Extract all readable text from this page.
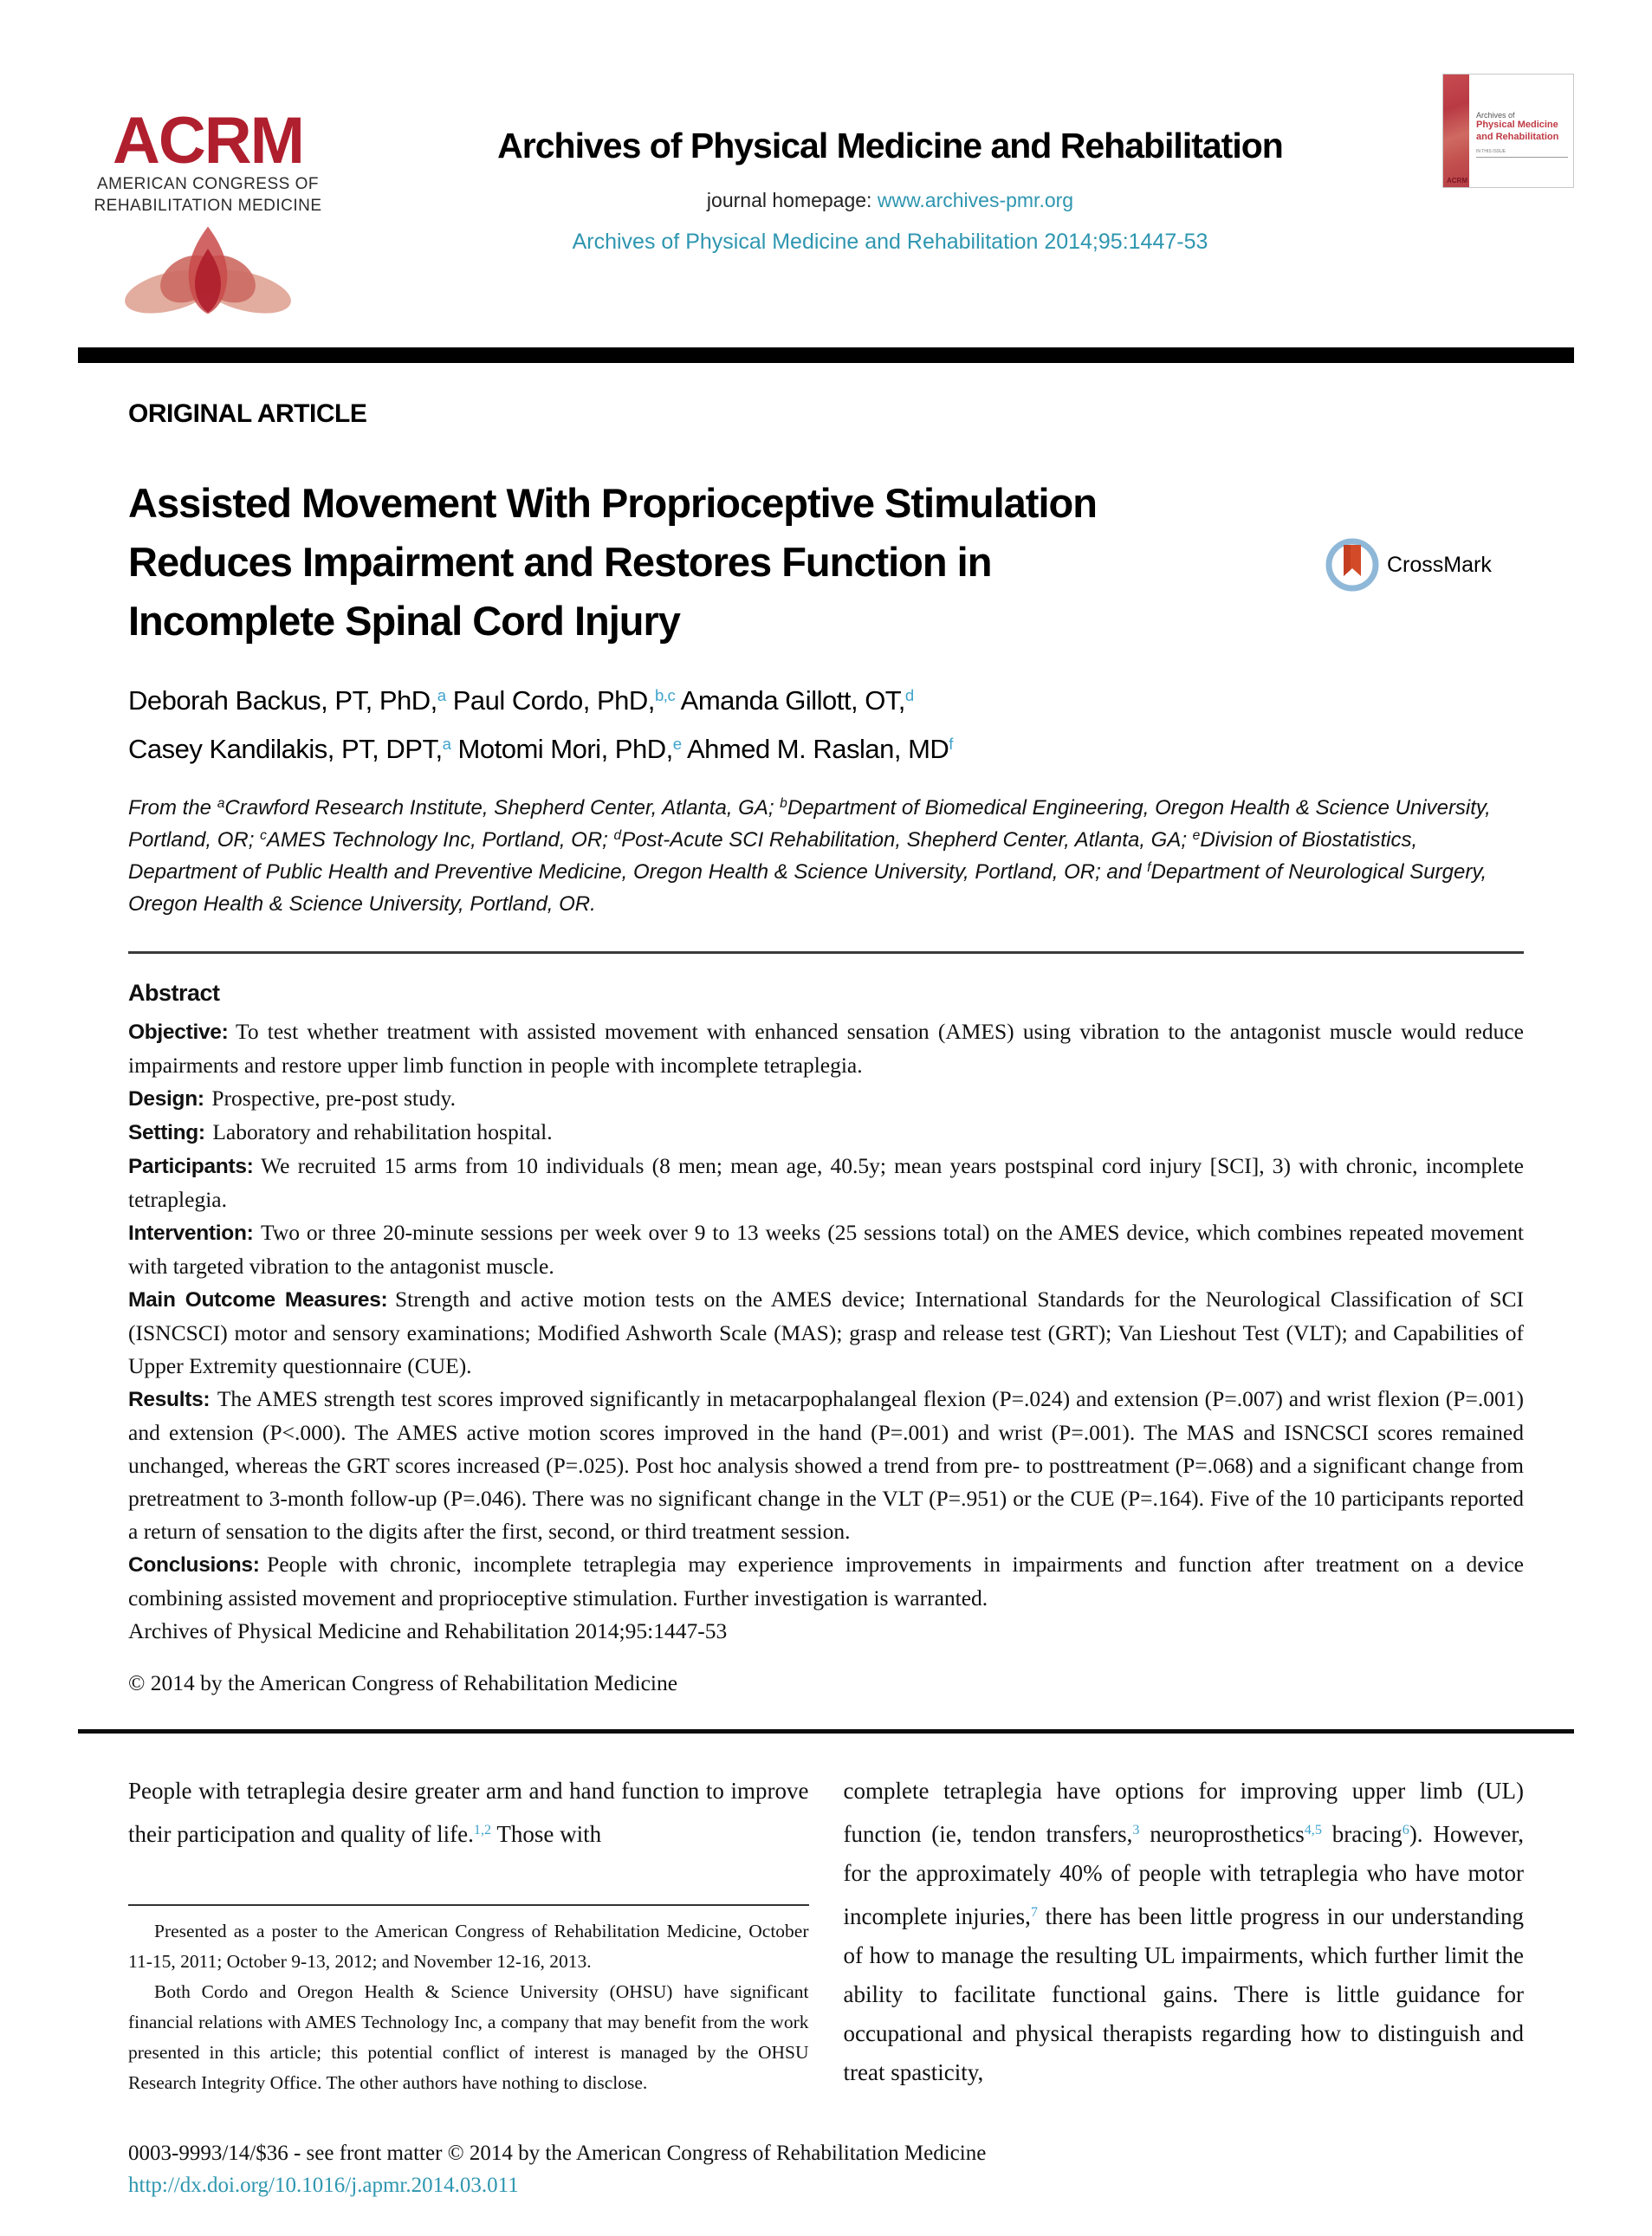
ACRM
AMERICAN CONGRESS OF
REHABILITATION MEDICINE
Archives of Physical Medicine and Rehabilitation
journal homepage: www.archives-pmr.org
Archives of Physical Medicine and Rehabilitation 2014;95:1447-53
Archives of
Physical Medicine
and Rehabilitation
IN THIS ISSUE
ACRM
ORIGINAL ARTICLE
Assisted Movement With Proprioceptive Stimulation
Reduces Impairment and Restores Function in
Incomplete Spinal Cord Injury
CrossMark
Deborah Backus, PT, PhD,$^a$ Paul Cordo, PhD,$^{b,c}$ Amanda Gillott, OT,$^d$
Casey Kandilakis, PT, DPT,$^a$ Motomi Mori, PhD,$^e$ Ahmed M. Raslan, $MD^f$

From the $^a$Crawford Research Institute, Shepherd Center, Atlanta, GA; $^b$Department of Biomedical Engineering, Oregon Health & Science University, Portland, OR; $^c$AMES Technology Inc, Portland, OR; $^d$Post-Acute SCI Rehabilitation, Shepherd Center, Atlanta, GA; $^e$Division of Biostatistics, Department of Public Health and Preventive Medicine, Oregon Health & Science University, Portland, OR; and $^f$Department of Neurological Surgery, Oregon Health & Science University, Portland, OR.

Abstract

Objective: To test whether treatment with assisted movement with enhanced sensation (AMES) using vibration to the antagonist muscle would reduce impairments and restore upper limb function in people with incomplete tetraplegia.

Design: Prospective, pre-post study.

Setting: Laboratory and rehabilitation hospital.

Participants: We recruited 15 arms from 10 individuals (8 men; mean age, 40.5y; mean years postspinal cord injury [SCI], 3) with chronic, incomplete tetraplegia.

Intervention: Two or three 20-minute sessions per week over 9 to 13 weeks (25 sessions total) on the AMES device, which combines repeated movement with targeted vibration to the antagonist muscle.

Main Outcome Measures: Strength and active motion tests on the AMES device; International Standards for the Neurological Classification of SCI (ISNCSCI) motor and sensory examinations; Modified Ashworth Scale (MAS); grasp and release test (GRT); Van Lieshout Test (VLT); and Capabilities of Upper Extremity questionnaire (CUE).

Results: The AMES strength test scores improved significantly in metacarpophalangeal flexion (P=.024) and extension (P=.007) and wrist flexion (P=.001) and extension (P<.000). The AMES active motion scores improved in the hand (P=.001) and wrist (P=.001). The MAS and ISNCSCI scores remained unchanged, whereas the GRT scores increased (P=.025). Post hoc analysis showed a trend from pre- to posttreatment (P=.068) and a significant change from pretreatment to 3-month follow-up (P=.046). There was no significant change in the VLT (P=.951) or the CUE (P=.164). Five of the 10 participants reported a return of sensation to the digits after the first, second, or third treatment session.

Conclusions: People with chronic, incomplete tetraplegia may experience improvements in impairments and function after treatment on a device combining assisted movement and proprioceptive stimulation. Further investigation is warranted.

Archives of Physical Medicine and Rehabilitation 2014;95:1447-53

© 2014 by the American Congress of Rehabilitation Medicine

People with tetraplegia desire greater arm and hand function to improve their participation and quality of life.$^{1,2}$ Those with

Presented as a poster to the American Congress of Rehabilitation Medicine, October 11-15, 2011; October 9-13, 2012; and November 12-16, 2013.

Both Cordo and Oregon Health & Science University (OHSU) have significant financial relations with AMES Technology Inc, a company that may benefit from the work presented in this article; this potential conflict of interest is managed by the OHSU Research Integrity Office. The other authors have nothing to disclose.

complete tetraplegia have options for improving upper limb (UL) function (ie, tendon transfers,$^3$ neuroprosthetics$^{4,5}$ bracing$^6$). However, for the approximately 40% of people with tetraplegia who have motor incomplete injuries,$^7$ there has been little progress in our understanding of how to manage the resulting UL impairments, which further limit the ability to facilitate functional gains. There is little guidance for occupational and physical therapists regarding how to distinguish and treat spasticity,

0003-9993/14/$36 - see front matter © 2014 by the American Congress of Rehabilitation Medicine
http://dx.doi.org/10.1016/j.apmr.2014.03.011
